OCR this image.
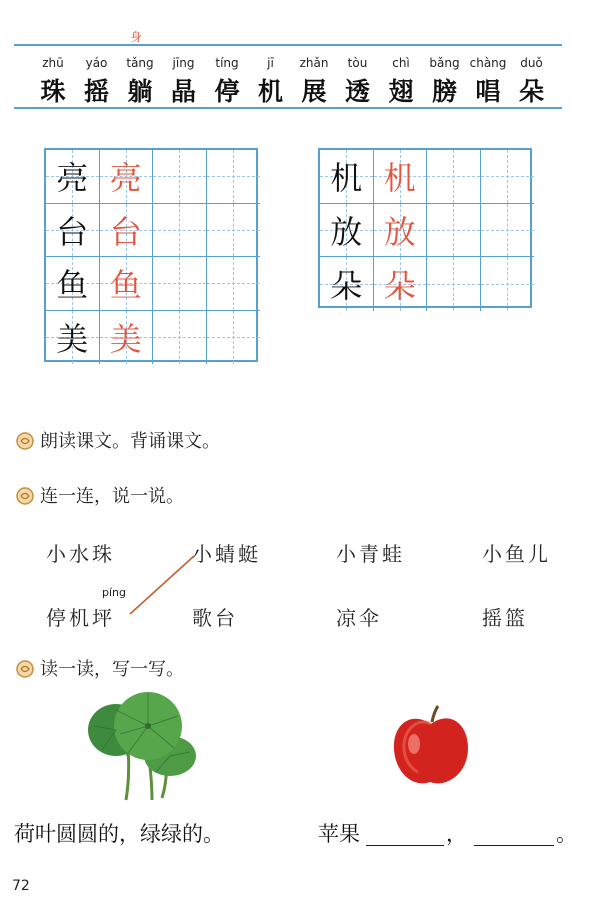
身
zhū	yáo	tǎng	jīng	tíng	jī	zhǎn	tòu	chì	bǎng chàng	duǒ
珠 摇 躺 晶 停 机 展 透 翅 膀 唱 朵
亮 亮
台 台
鱼 鱼
美 美
机 机
放 放
朵 朵
朗读课文。背诵课文。
连一连，说一说。
小水珠	小蜻蜓	小青蛙	小鱼儿
píng
停机坪	歌台	凉伞	摇篮
读一读，写一写。
荷叶圆圆的，绿绿的。	苹果	，	。
72
